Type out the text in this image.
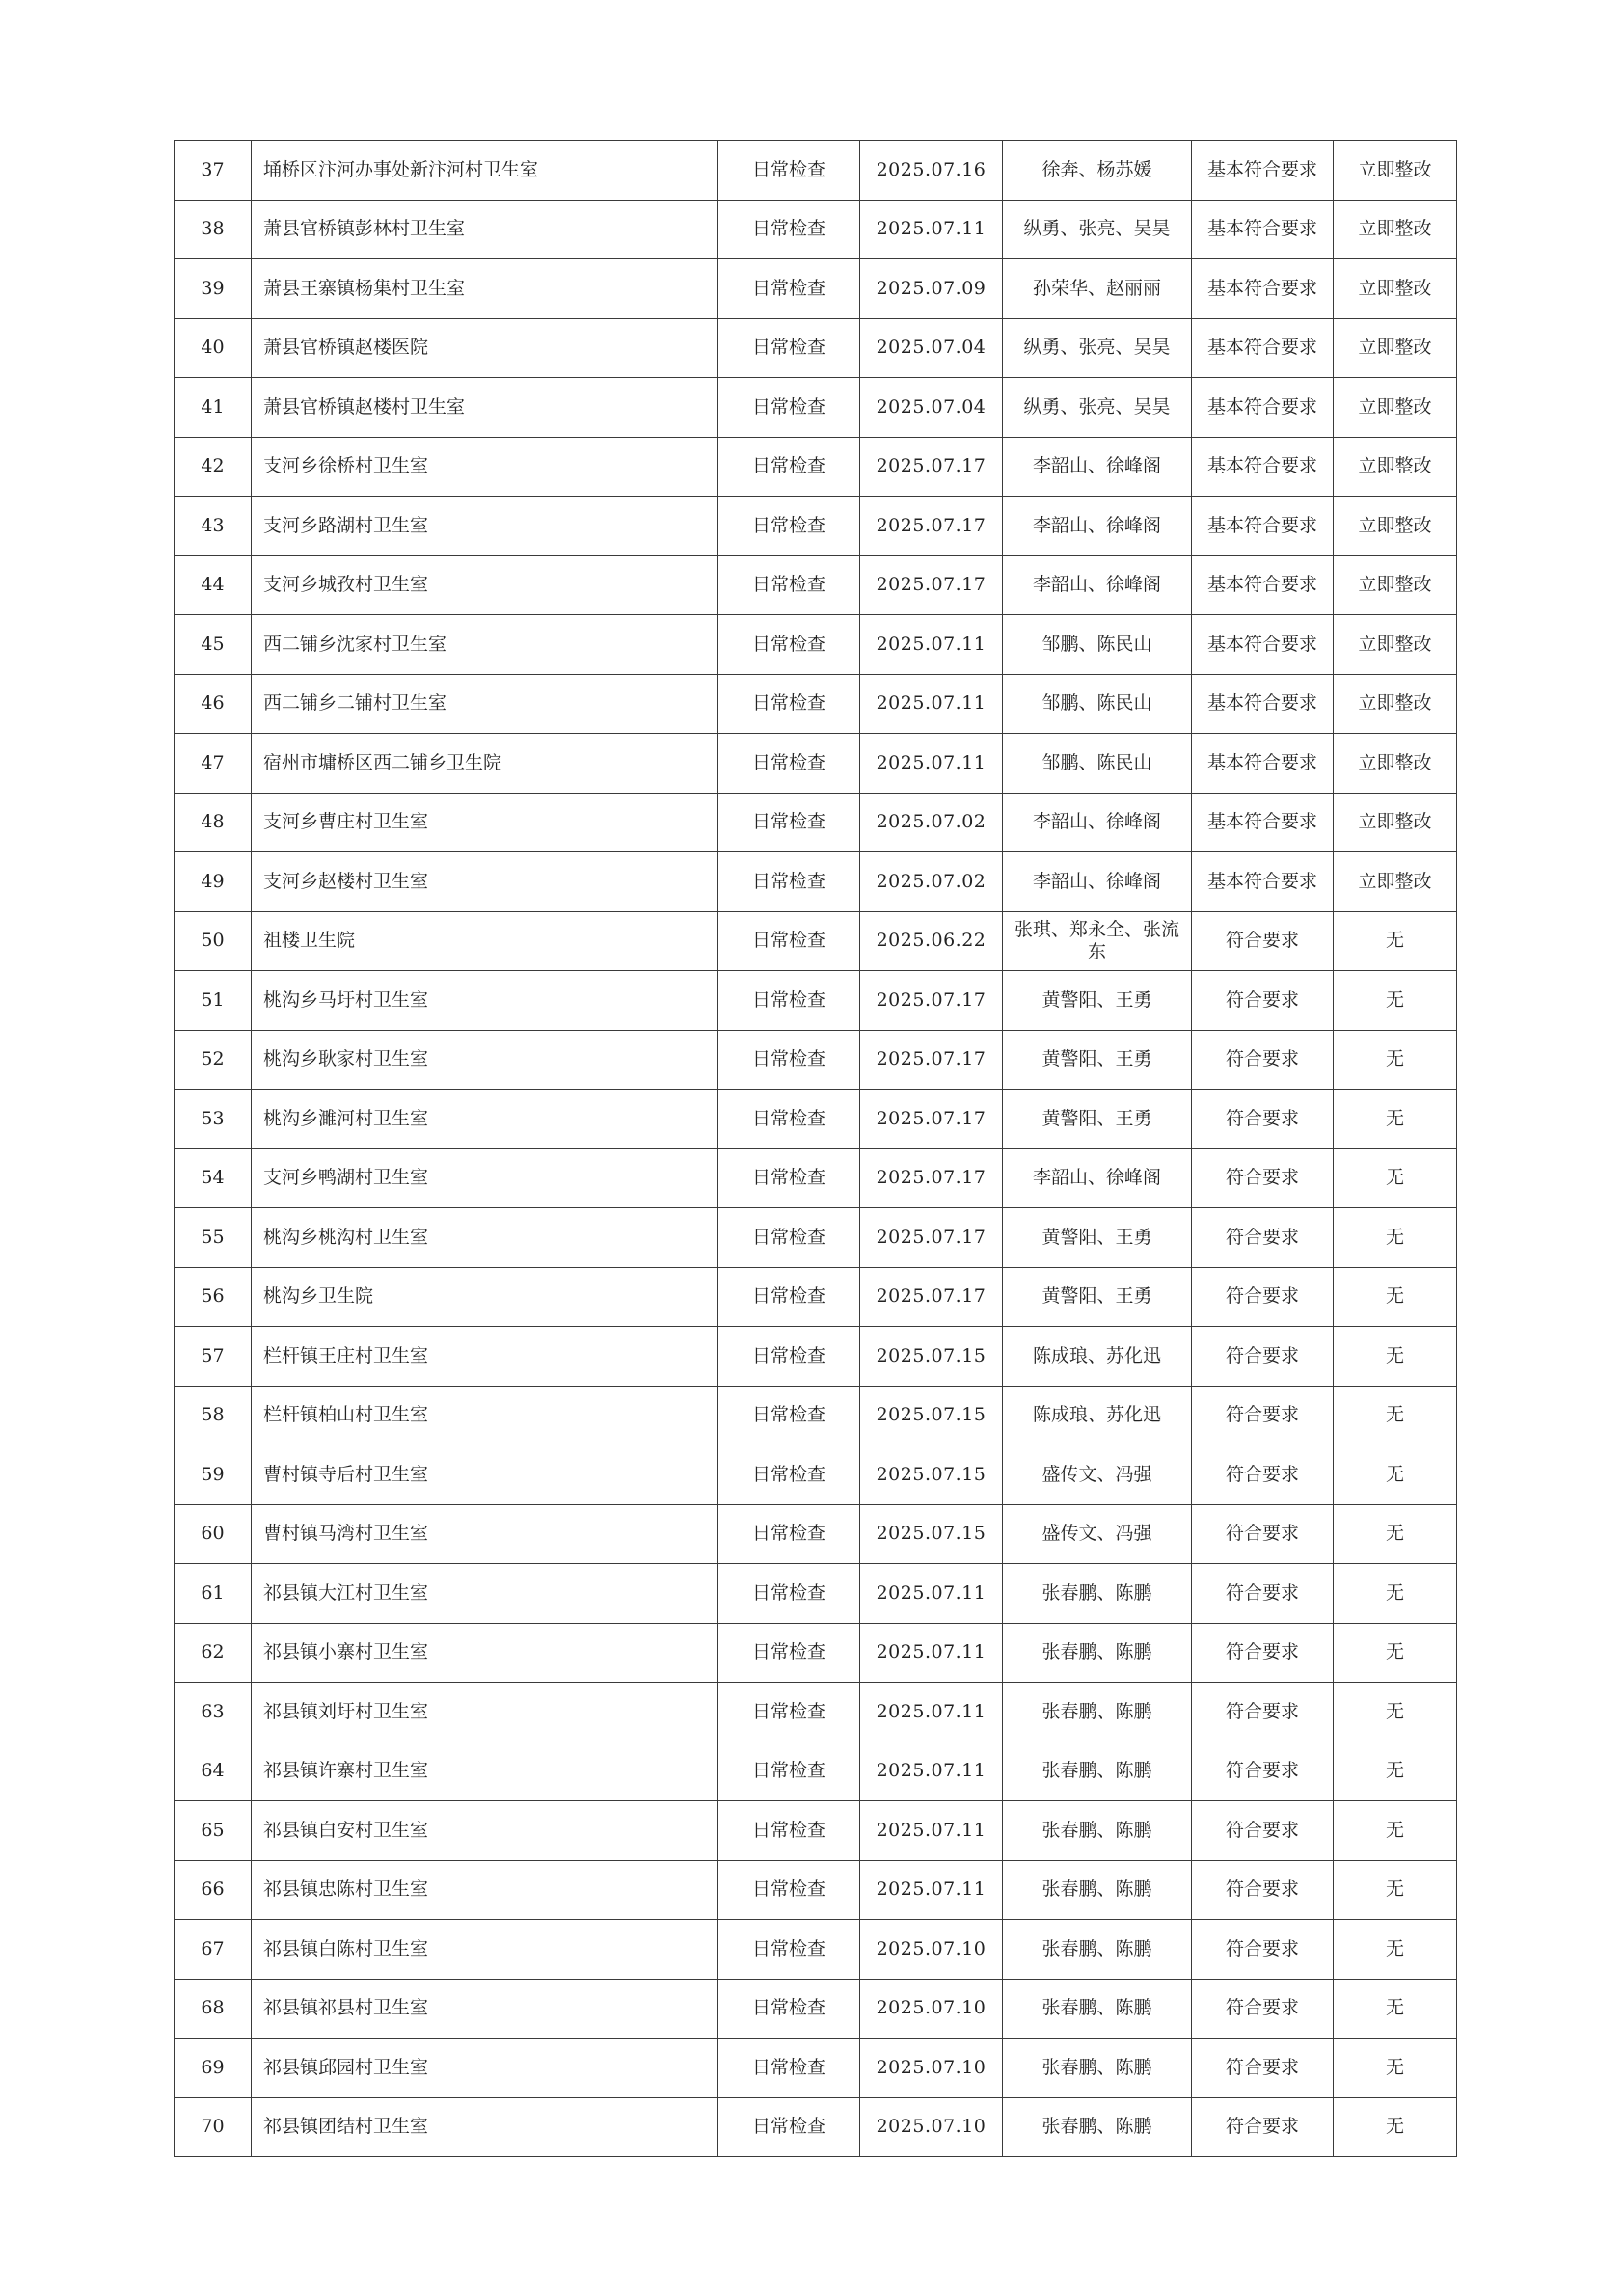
37	埇桥区汴河办事处新汴河村卫生室	日常检查	2025.07.16	徐奔、杨苏媛	基本符合要求	立即整改
38	萧县官桥镇彭林村卫生室	日常检查	2025.07.11	纵勇、张亮、吴昊	基本符合要求	立即整改
39	萧县王寨镇杨集村卫生室	日常检查	2025.07.09	孙荣华、赵丽丽	基本符合要求	立即整改
40	萧县官桥镇赵楼医院	日常检查	2025.07.04	纵勇、张亮、吴昊	基本符合要求	立即整改
41	萧县官桥镇赵楼村卫生室	日常检查	2025.07.04	纵勇、张亮、吴昊	基本符合要求	立即整改
42	支河乡徐桥村卫生室	日常检查	2025.07.17	李韶山、徐峰阁	基本符合要求	立即整改
43	支河乡路湖村卫生室	日常检查	2025.07.17	李韶山、徐峰阁	基本符合要求	立即整改
44	支河乡城孜村卫生室	日常检查	2025.07.17	李韶山、徐峰阁	基本符合要求	立即整改
45	西二铺乡沈家村卫生室	日常检查	2025.07.11	邹鹏、陈民山	基本符合要求	立即整改
46	西二铺乡二铺村卫生室	日常检查	2025.07.11	邹鹏、陈民山	基本符合要求	立即整改
47	宿州市墉桥区西二铺乡卫生院	日常检查	2025.07.11	邹鹏、陈民山	基本符合要求	立即整改
48	支河乡曹庄村卫生室	日常检查	2025.07.02	李韶山、徐峰阁	基本符合要求	立即整改
49	支河乡赵楼村卫生室	日常检查	2025.07.02	李韶山、徐峰阁	基本符合要求	立即整改
50	祖楼卫生院	日常检查	2025.06.22	张琪、郑永全、张流东	符合要求	无
51	桃沟乡马圩村卫生室	日常检查	2025.07.17	黄警阳、王勇	符合要求	无
52	桃沟乡耿家村卫生室	日常检查	2025.07.17	黄警阳、王勇	符合要求	无
53	桃沟乡濉河村卫生室	日常检查	2025.07.17	黄警阳、王勇	符合要求	无
54	支河乡鸭湖村卫生室	日常检查	2025.07.17	李韶山、徐峰阁	符合要求	无
55	桃沟乡桃沟村卫生室	日常检查	2025.07.17	黄警阳、王勇	符合要求	无
56	桃沟乡卫生院	日常检查	2025.07.17	黄警阳、王勇	符合要求	无
57	栏杆镇王庄村卫生室	日常检查	2025.07.15	陈成琅、苏化迅	符合要求	无
58	栏杆镇柏山村卫生室	日常检查	2025.07.15	陈成琅、苏化迅	符合要求	无
59	曹村镇寺后村卫生室	日常检查	2025.07.15	盛传文、冯强	符合要求	无
60	曹村镇马湾村卫生室	日常检查	2025.07.15	盛传文、冯强	符合要求	无
61	祁县镇大江村卫生室	日常检查	2025.07.11	张春鹏、陈鹏	符合要求	无
62	祁县镇小寨村卫生室	日常检查	2025.07.11	张春鹏、陈鹏	符合要求	无
63	祁县镇刘圩村卫生室	日常检查	2025.07.11	张春鹏、陈鹏	符合要求	无
64	祁县镇许寨村卫生室	日常检查	2025.07.11	张春鹏、陈鹏	符合要求	无
65	祁县镇白安村卫生室	日常检查	2025.07.11	张春鹏、陈鹏	符合要求	无
66	祁县镇忠陈村卫生室	日常检查	2025.07.11	张春鹏、陈鹏	符合要求	无
67	祁县镇白陈村卫生室	日常检查	2025.07.10	张春鹏、陈鹏	符合要求	无
68	祁县镇祁县村卫生室	日常检查	2025.07.10	张春鹏、陈鹏	符合要求	无
69	祁县镇邱园村卫生室	日常检查	2025.07.10	张春鹏、陈鹏	符合要求	无
70	祁县镇团结村卫生室	日常检查	2025.07.10	张春鹏、陈鹏	符合要求	无
